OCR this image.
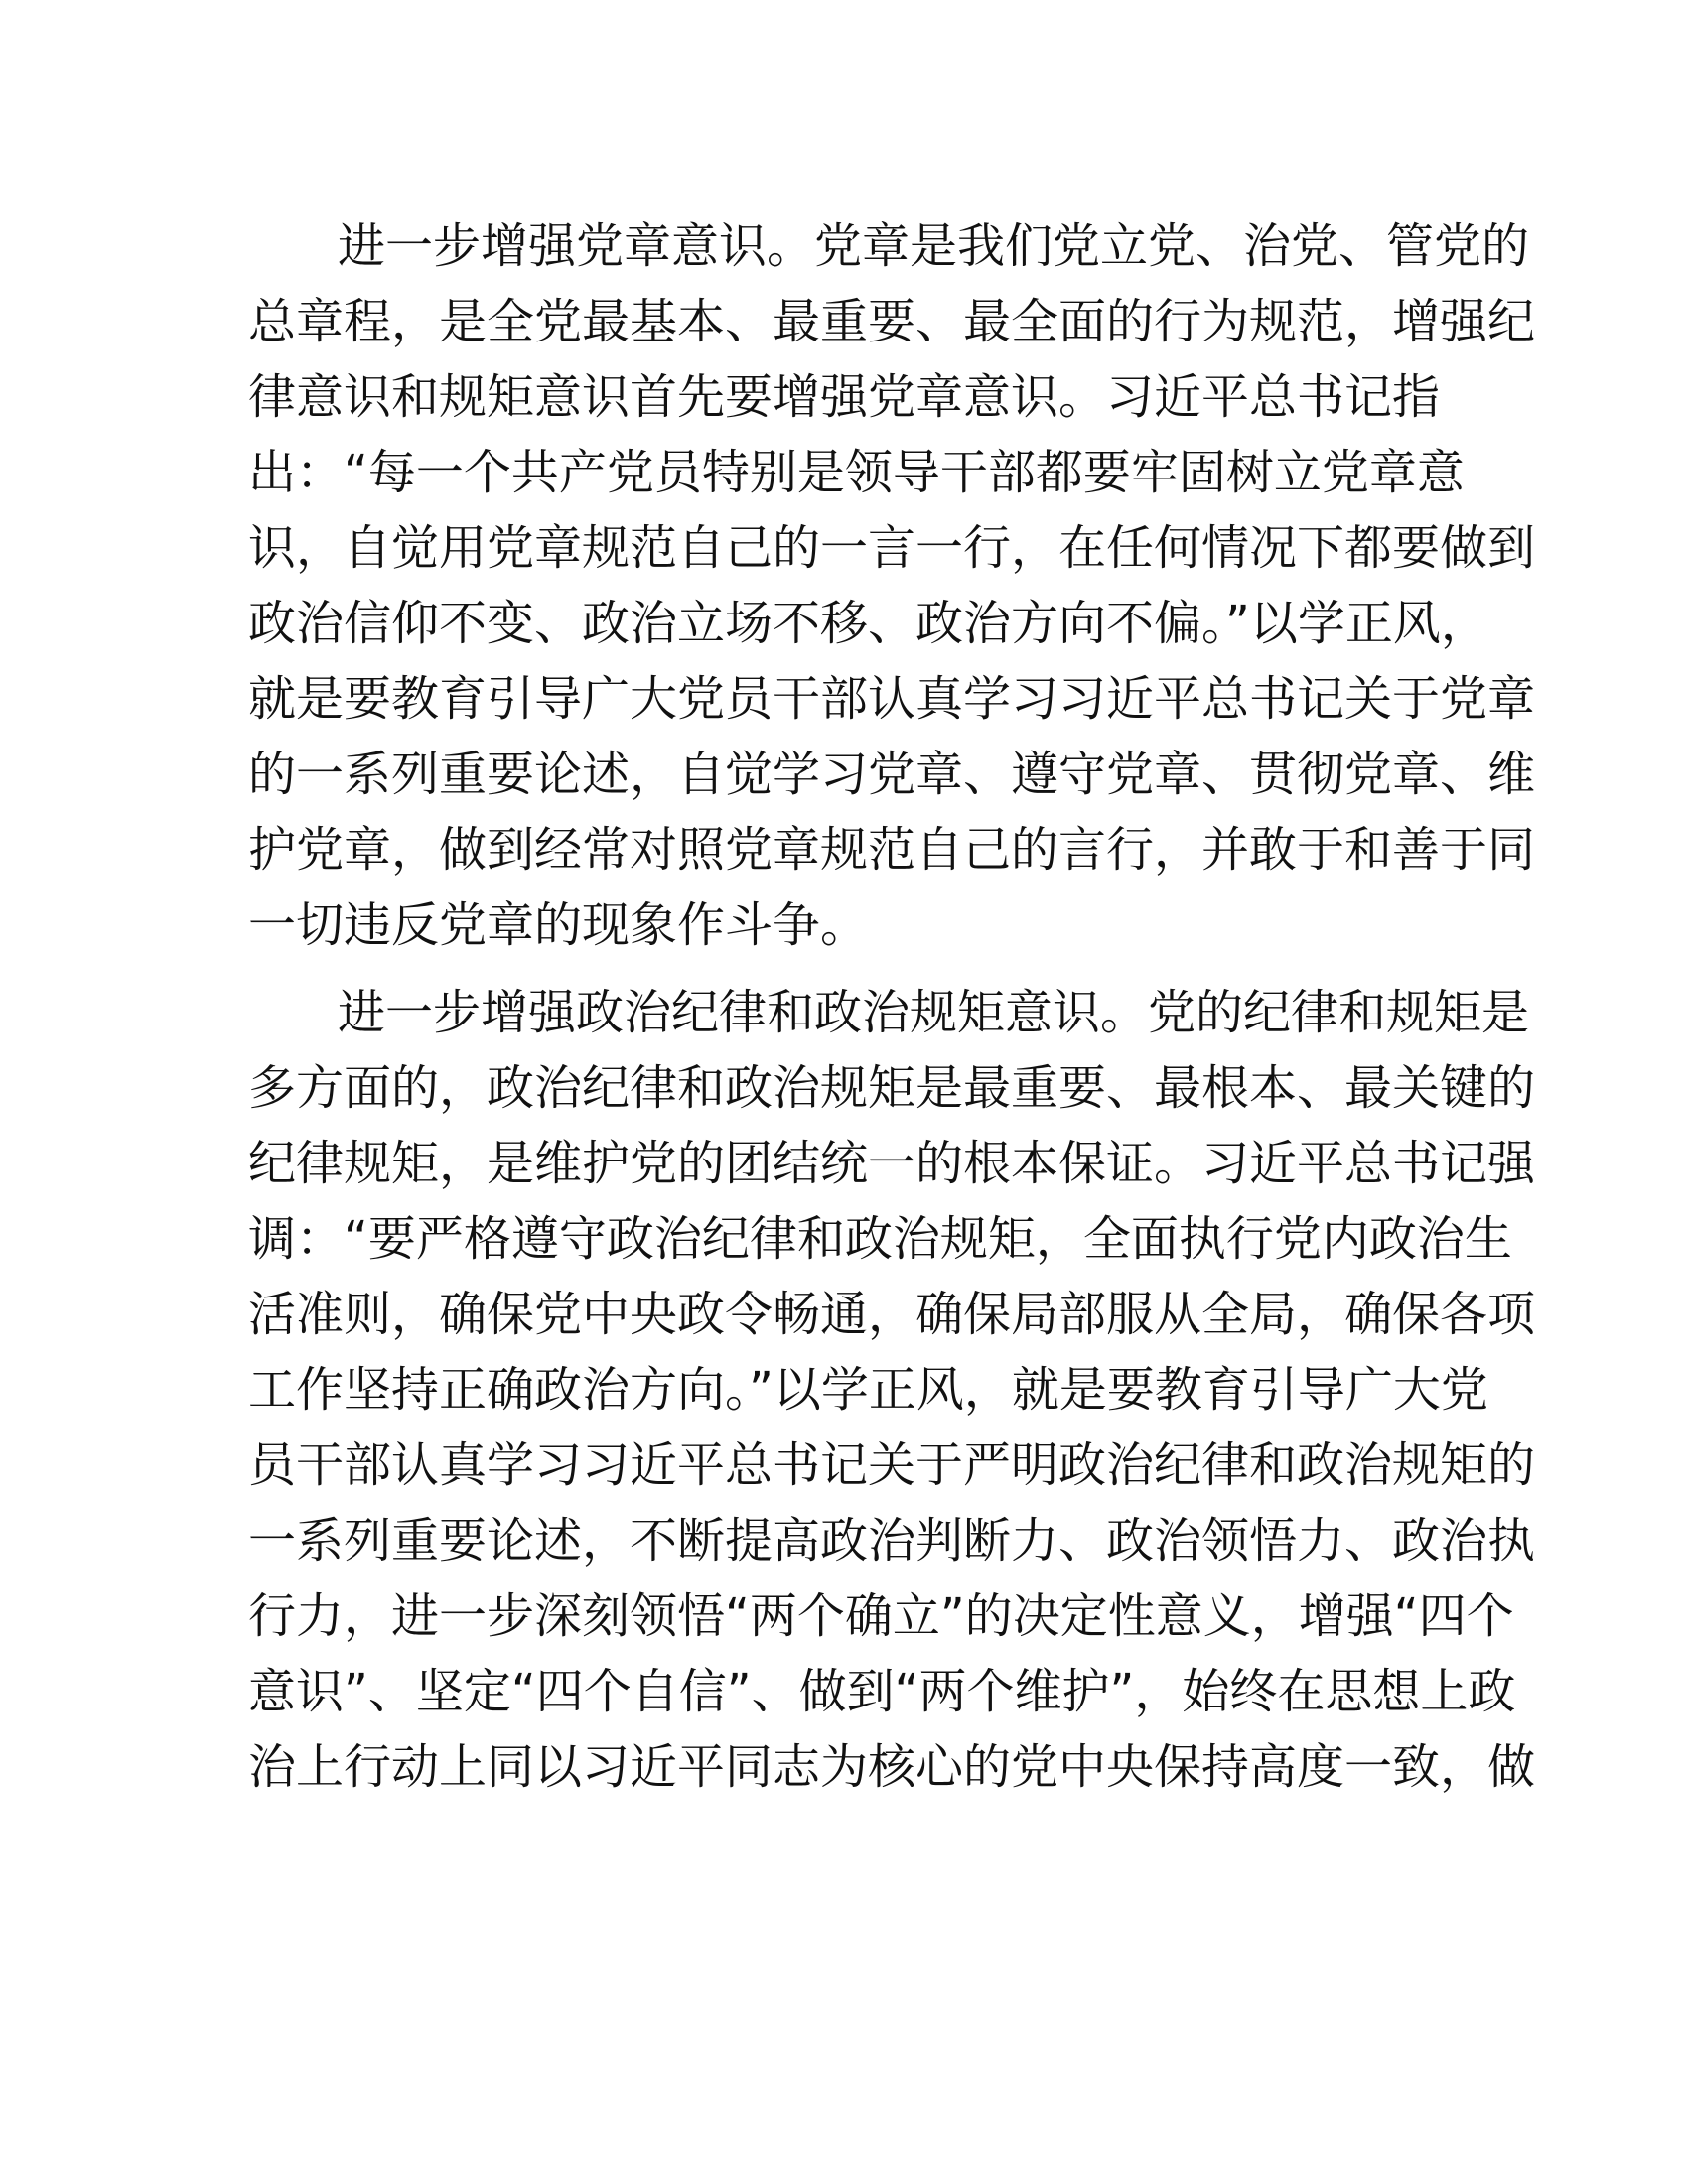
进一步增强党章意识。党章是我们党立党、治党、管党的
总章程，是全党最基本、最重要、最全面的行为规范，增强纪
律意识和规矩意识首先要增强党章意识。习近平总书记指
出：“每一个共产党员特别是领导干部都要牢固树立党章意
识，自觉用党章规范自己的一言一行，在任何情况下都要做到
政治信仰不变、政治立场不移、政治方向不偏。”以学正风，
就是要教育引导广大党员干部认真学习习近平总书记关于党章
的一系列重要论述，自觉学习党章、遵守党章、贯彻党章、维
护党章，做到经常对照党章规范自己的言行，并敢于和善于同
一切违反党章的现象作斗争。

进一步增强政治纪律和政治规矩意识。党的纪律和规矩是
多方面的，政治纪律和政治规矩是最重要、最根本、最关键的
纪律规矩，是维护党的团结统一的根本保证。习近平总书记强
调：“要严格遵守政治纪律和政治规矩，全面执行党内政治生
活准则，确保党中央政令畅通，确保局部服从全局，确保各项
工作坚持正确政治方向。”以学正风，就是要教育引导广大党
员干部认真学习习近平总书记关于严明政治纪律和政治规矩的
一系列重要论述，不断提高政治判断力、政治领悟力、政治执
行力，进一步深刻领悟“两个确立”的决定性意义，增强“四个
意识”、坚定“四个自信”、做到“两个维护”，始终在思想上政
治上行动上同以习近平同志为核心的党中央保持高度一致，做
